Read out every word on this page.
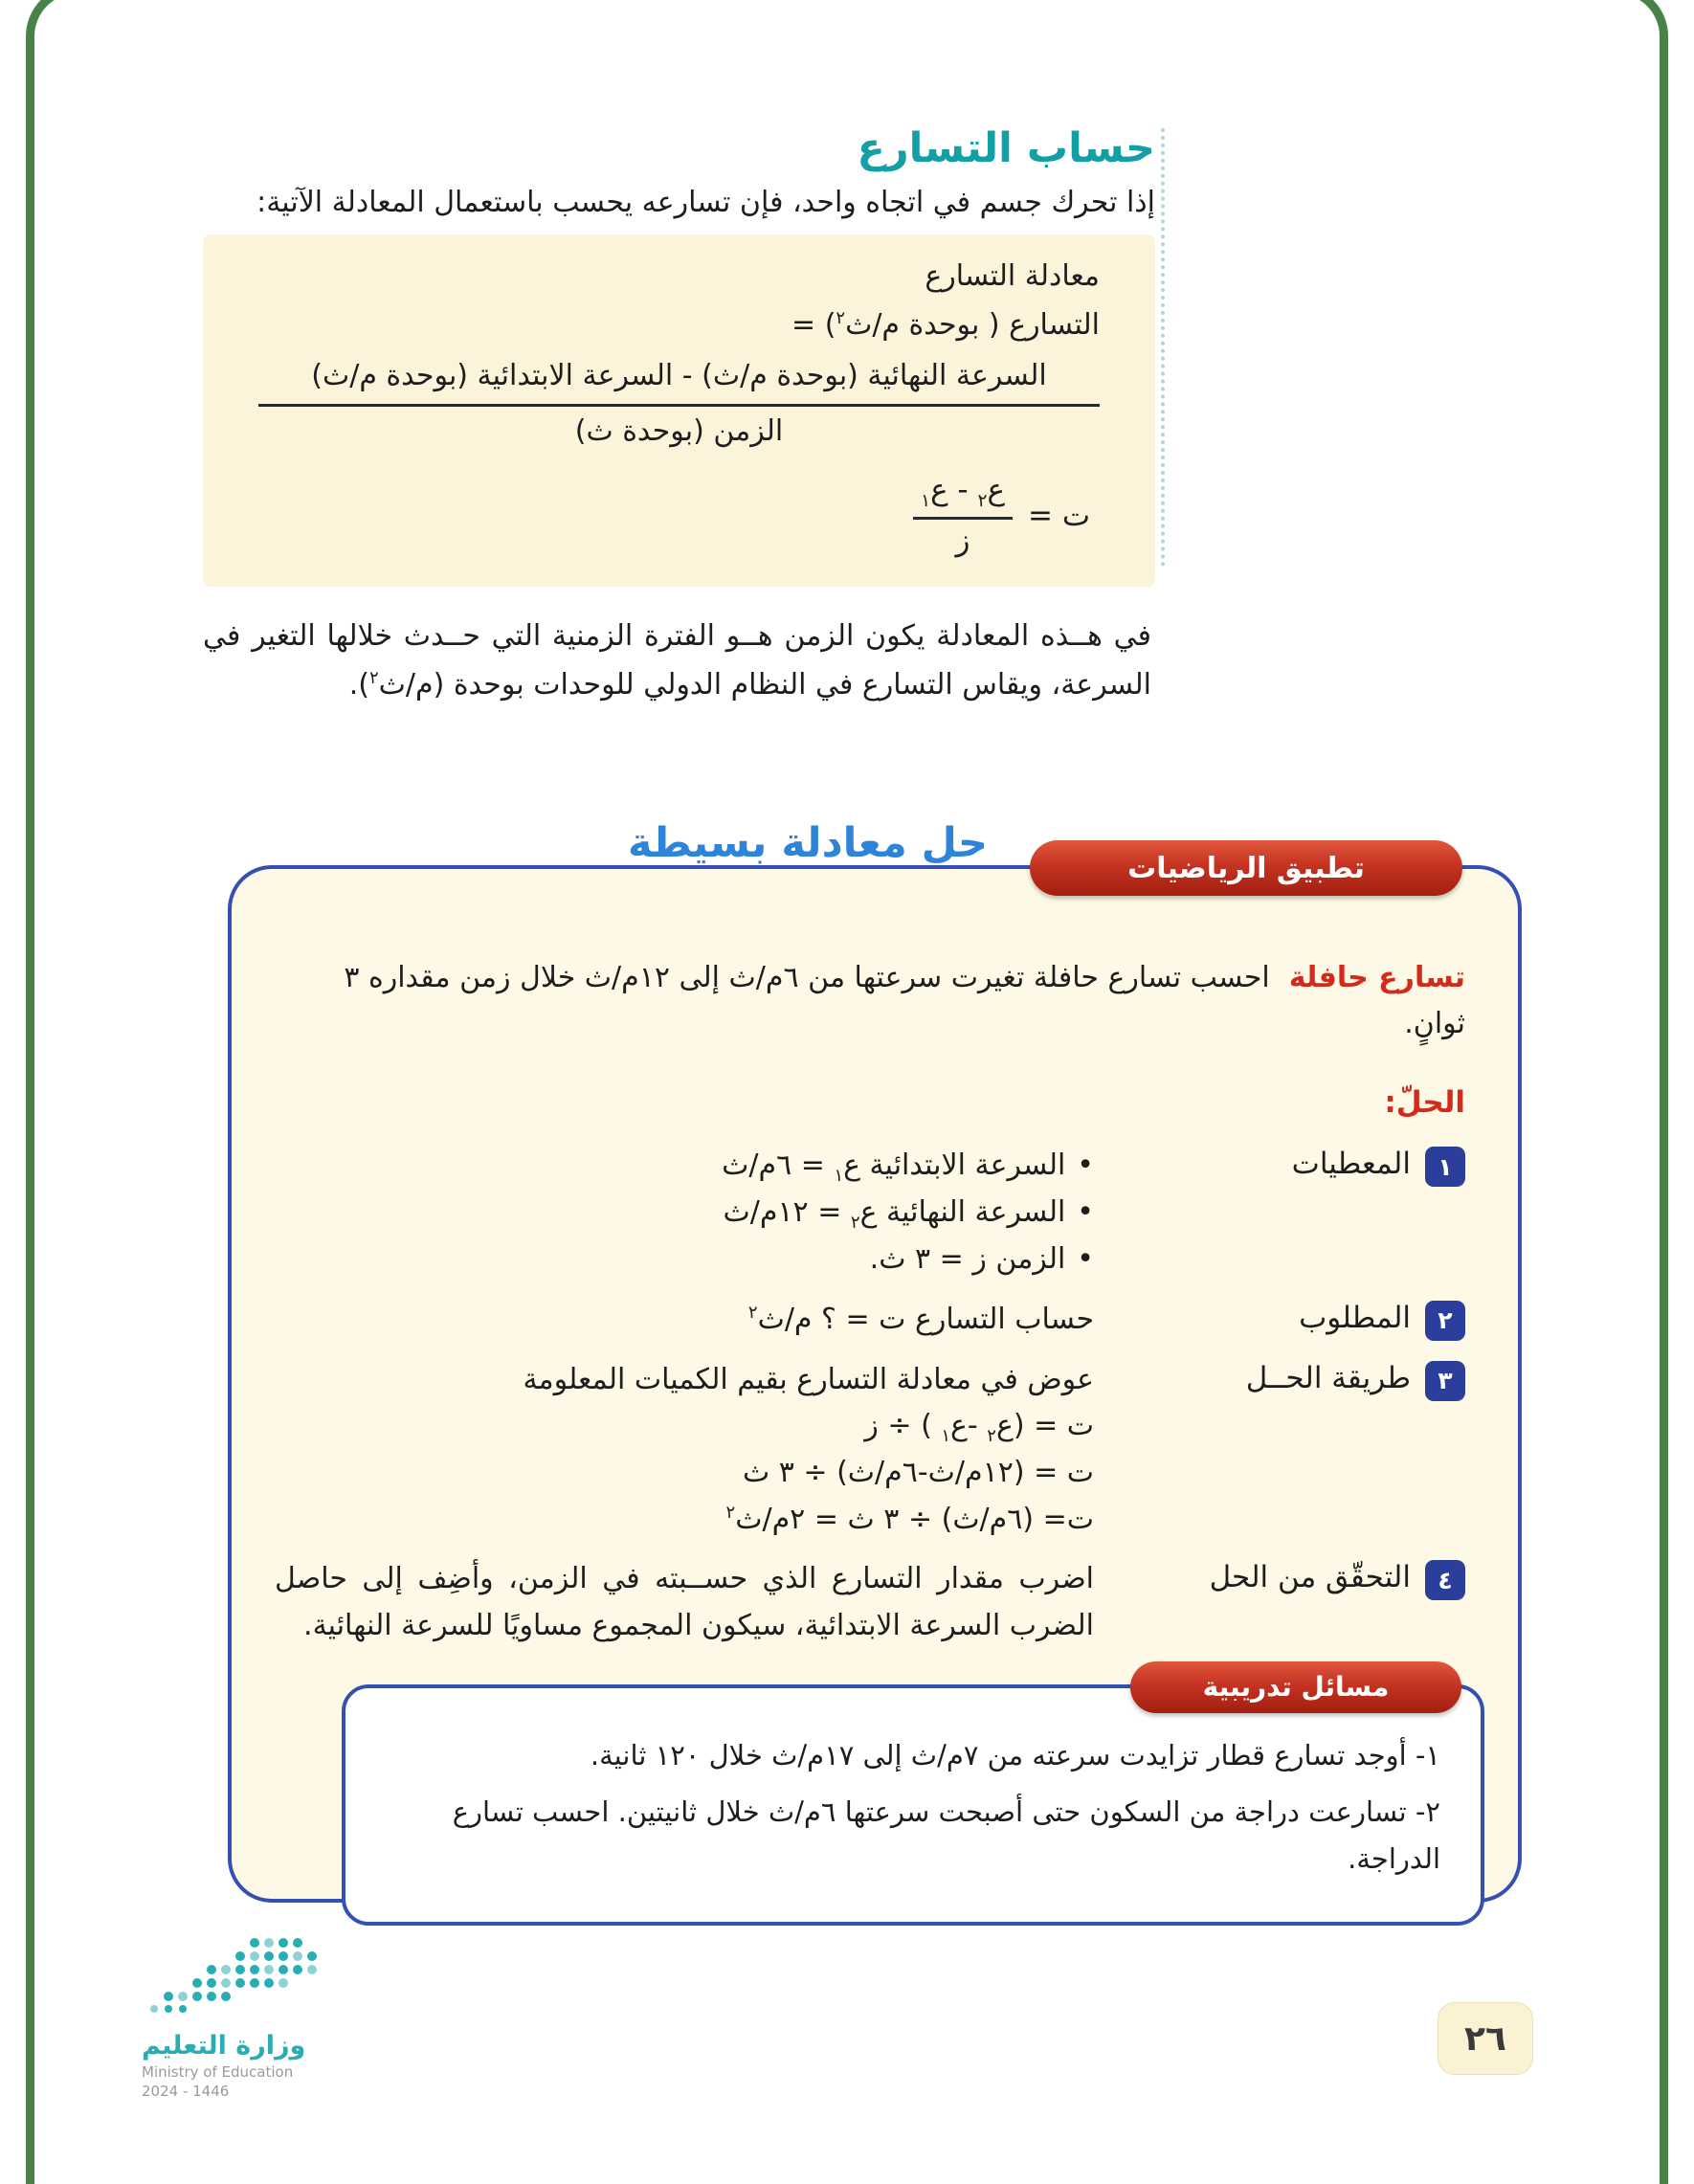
حساب التسارع

إذا تحرك جسم في اتجاه واحد، فإن تسارعه يحسب باستعمال المعادلة الآتية:

معادلة التسارع
التسارع ( بوحدة م/ث$^٢$) =
السرعة النهائية (بوحدة م/ث) - السرعة الابتدائية (بوحدة م/ث)
الزمن (بوحدة ث)
ت =
$\frac{ع_٢ - ع_١}{\text{ز}}$

في هــذه المعادلة يكون الزمن هــو الفترة الزمنية التي حــدث خلالها التغير في السرعة، ويقاس التسارع في النظام الدولي للوحدات بوحدة (م/ث$^٢$).

حل معادلة بسيطة
تطبيق الرياضيات

تسارع حافلةاحسب تسارع حافلة تغيرت سرعتها من ٦م/ث إلى ١٢م/ث خلال زمن مقداره ٣ ثوانٍ.

الحلّ:
١
المعطيات
•السرعة الابتدائية ع$_١$ = ٦م/ث
•السرعة النهائية ع$_٢$ = ١٢م/ث
•الزمن ز = ٣ ث.
٢
المطلوب
حساب التسارع ت = ؟ م/ث$^٢$
٣
طريقة الحــل
عوض في معادلة التسارع بقيم الكميات المعلومة
ت = (ع$_٢$ -ع$_١$ ) ÷ ز
ت = (١٢م/ث-٦م/ث) ÷ ٣ ث
ت= (٦م/ث) ÷ ٣ ث = ٢م/ث$^٢$
٤
التحقّق من الحل

اضرب مقدار التسارع الذي حســبته في الزمن، وأضِف إلى حاصل الضرب السرعة الابتدائية، سيكون المجموع مساويًا للسرعة النهائية.

مسائل تدريبية

١- أوجد تسارع قطار تزايدت سرعته من ٧م/ث إلى ١٧م/ث خلال ١٢٠ ثانية.

٢- تسارعت دراجة من السكون حتى أصبحت سرعتها ٦م/ث خلال ثانيتين. احسب تسارع الدراجة.

٢٦
وزارة التعليم
Ministry of Education
2024 - 1446
